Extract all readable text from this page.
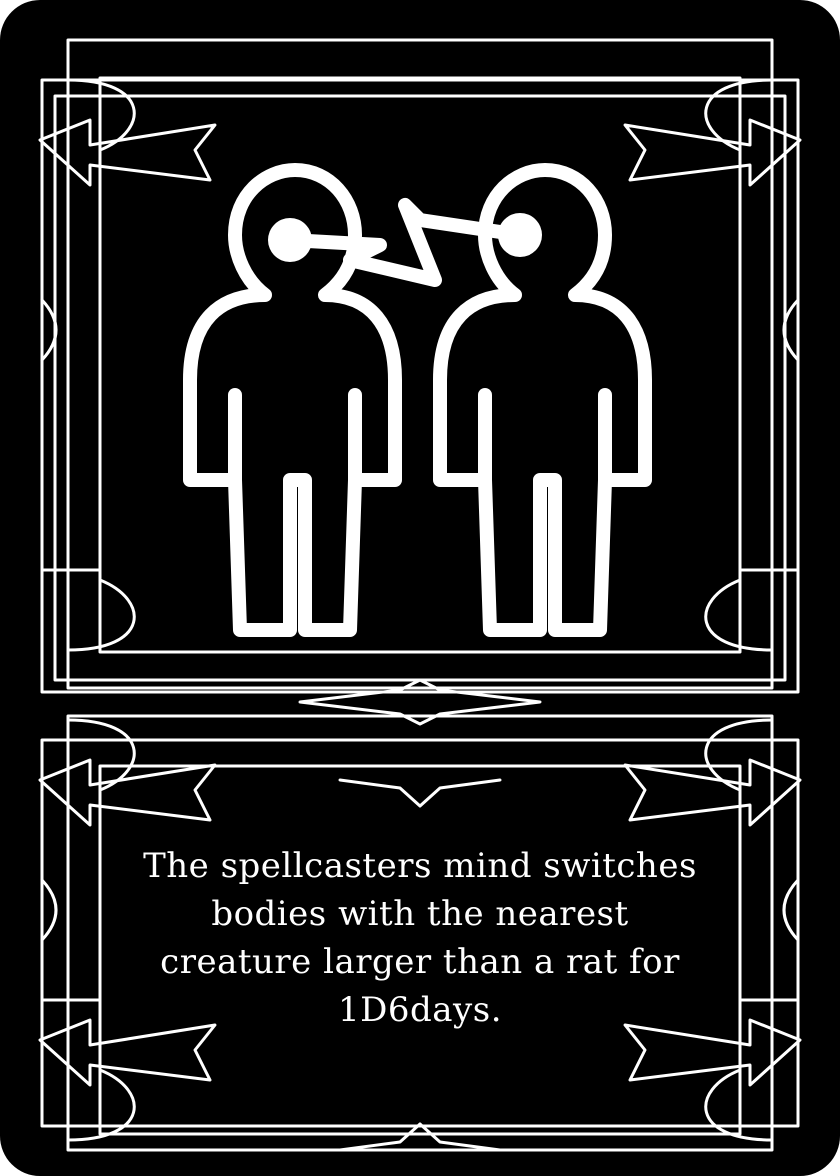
The spellcasters mind switches bodies with the nearest creature larger than a rat for 1D6days.
